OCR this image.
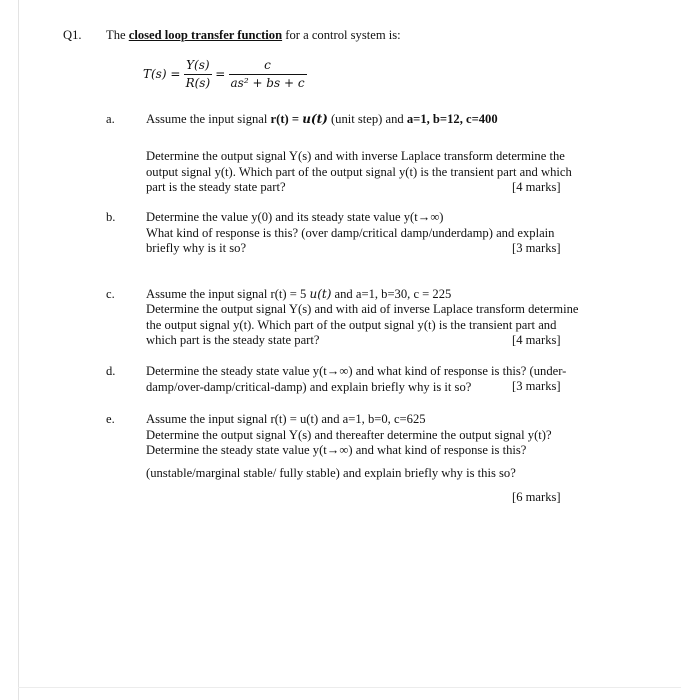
Q1. The closed loop transfer function for a control system is:
$T(s) = \frac{Y(s)}{R(s)} = \frac{c}{\text{as² + bs + c}}$
a. Assume the input signal r(t) = u(t) (unit step) and a=1, b=12, c=400
Determine the output signal Y(s) and with inverse Laplace transform determine the
output signal y(t). Which part of the output signal y(t) is the transient part and which
part is the steady state part?	[4 marks]
b. Determine the value y(0) and its steady state value y(t→∞)
What kind of response is this? (over damp/critical damp/underdamp) and explain
briefly why is it so?	[3 marks]
c. Assume the input signal r(t) = 5 u(t) and a=1, b=30, c = 225
Determine the output signal Y(s) and with aid of inverse Laplace transform determine
the output signal y(t). Which part of the output signal y(t) is the transient part and
which part is the steady state part?	[4 marks]
d. Determine the steady state value y(t→∞) and what kind of response is this? (under-
damp/over-damp/critical-damp) and explain briefly why is it so?	[3 marks]
e. Assume the input signal r(t) = u(t) and a=1, b=0, c=625
Determine the output signal Y(s) and thereafter determine the output signal y(t)?
Determine the steady state value y(t→∞) and what kind of response is this?
(unstable/marginal stable/ fully stable) and explain briefly why is this so?
[6 marks]
